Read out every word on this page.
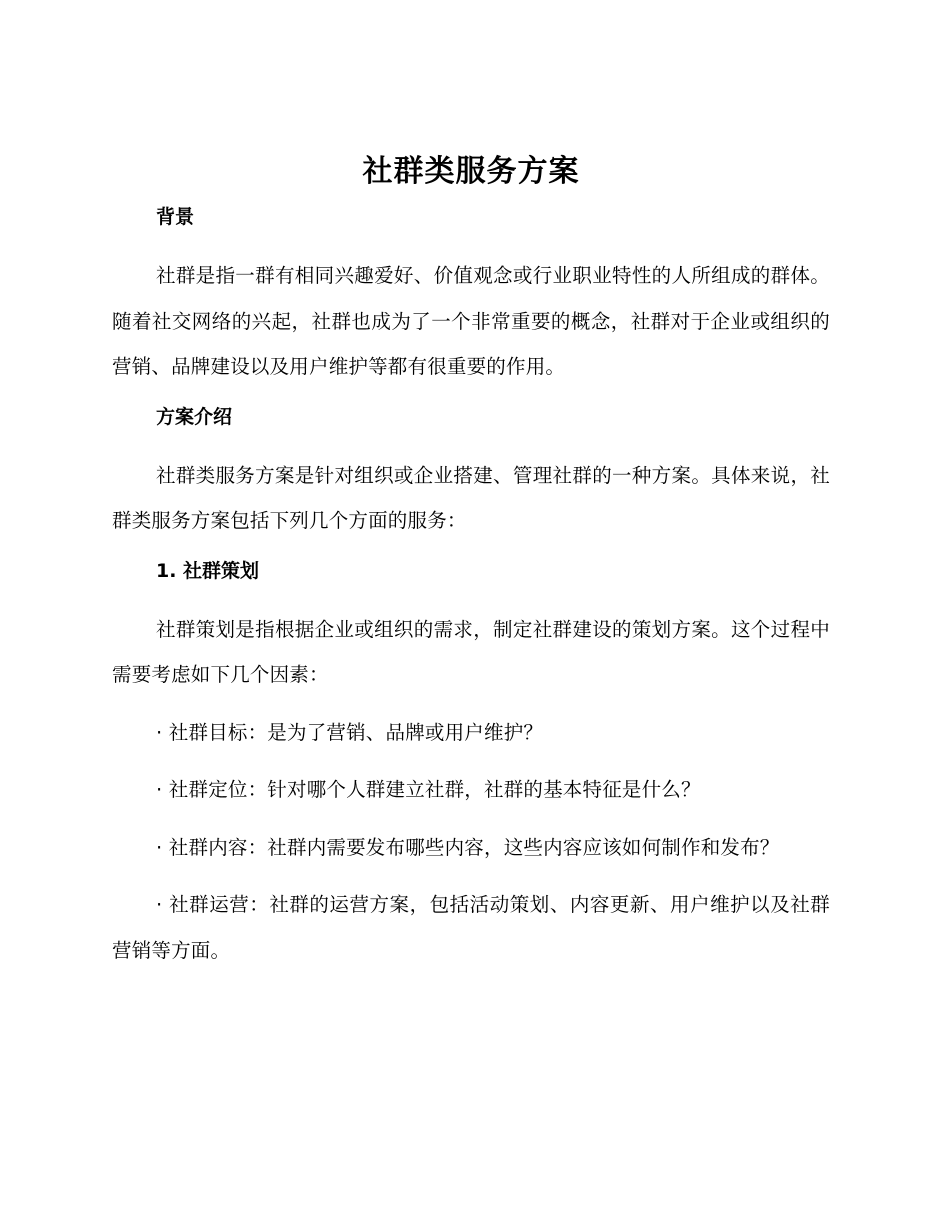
社群类服务方案
背景

社群是指一群有相同兴趣爱好、价值观念或行业职业特性的人所组成的群体。随着社交网络的兴起，社群也成为了一个非常重要的概念，社群对于企业或组织的营销、品牌建设以及用户维护等都有很重要的作用。

方案介绍

社群类服务方案是针对组织或企业搭建、管理社群的一种方案。具体来说，社群类服务方案包括下列几个方面的服务：

1. 社群策划

社群策划是指根据企业或组织的需求，制定社群建设的策划方案。这个过程中需要考虑如下几个因素：

· 社群目标：是为了营销、品牌或用户维护？

· 社群定位：针对哪个人群建立社群，社群的基本特征是什么？

· 社群内容：社群内需要发布哪些内容，这些内容应该如何制作和发布？

· 社群运营：社群的运营方案，包括活动策划、内容更新、用户维护以及社群营销等方面。
